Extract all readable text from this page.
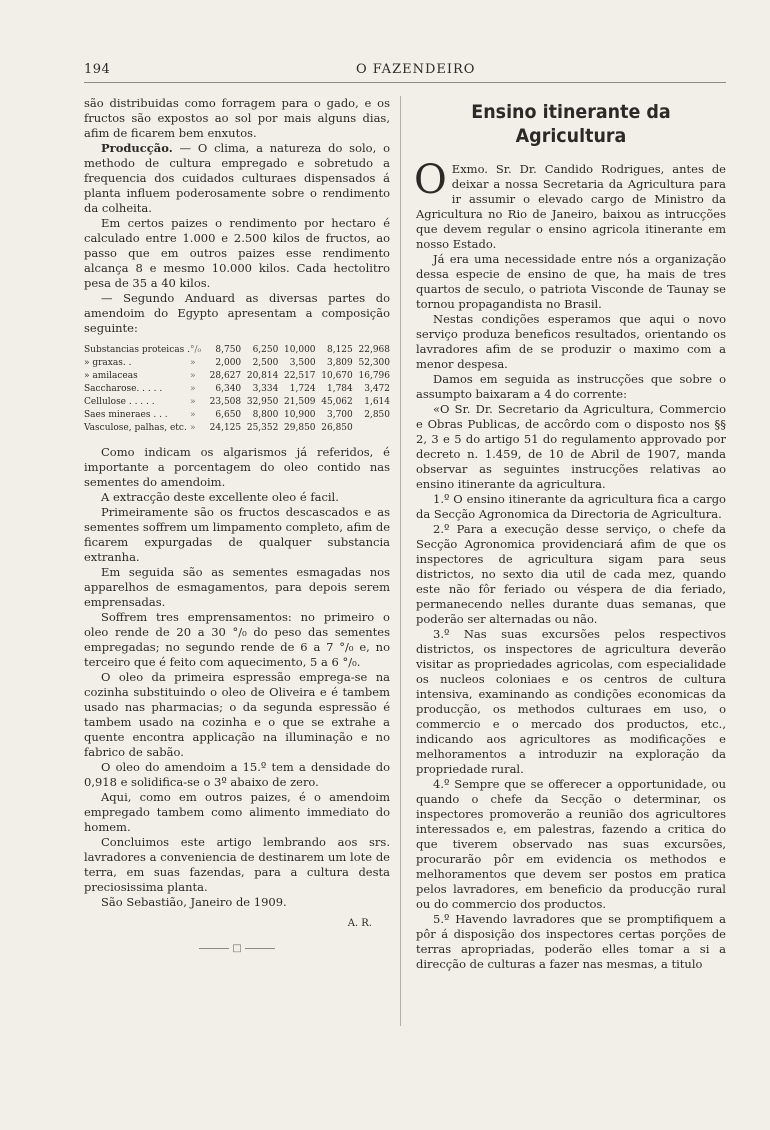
194	O FAZENDEIRO

são distribuidas como forragem para o gado, e os fructos são expostos ao sol por mais alguns dias, afim de ficarem bem enxutos.

Producção. — O clima, a natureza do solo, o methodo de cultura empregado e sobretudo a frequencia dos cuidados culturaes dispensados á planta influem poderosamente sobre o rendimento da colheita.

Em certos paizes o rendimento por hectaro é calculado entre 1.000 e 2.500 kilos de fructos, ao passo que em outros paizes esse rendimento alcança 8 e mesmo 10.000 kilos. Cada hectolitro pesa de 35 a 40 kilos.

— Segundo Anduard as diversas partes do amendoim do Egypto apresentam a composição seguinte:

Substancias proteicas .	°/₀	8,750	6,250	10,000	8,125	22,968
» graxas. .	»	2,000	2,500	3,500	3,809	52,300
» amilaceas	»	28,627	20,814	22,517	10,670	16,796
Saccharose. . . . .	»	6,340	3,334	1,724	1,784	3,472
Cellulose . . . . .	»	23,508	32,950	21,509	45,062	1,614
Saes mineraes . . .	»	6,650	8,800	10,900	3,700	2,850
Vasculose, palhas, etc.	»	24,125	25,352	29,850	26,850	

Como indicam os algarismos já referidos, é importante a porcentagem do oleo contido nas sementes do amendoim.

A extracção deste excellente oleo é facil.

Primeiramente são os fructos descascados e as sementes soffrem um limpamento completo, afim de ficarem expurgadas de qualquer substancia extranha.

Em seguida são as sementes esmagadas nos apparelhos de esmagamentos, para depois serem emprensadas.

Soffrem tres emprensamentos: no primeiro o oleo rende de 20 a 30 °/₀ do peso das sementes empregadas; no segundo rende de 6 a 7 °/₀ e, no terceiro que é feito com aquecimento, 5 a 6 °/₀.

O oleo da primeira espressão emprega-se na cozinha substituindo o oleo de Oliveira e é tambem usado nas pharmacias; o da segunda espressão é tambem usado na cozinha e o que se extrahe a quente encontra applicação na illuminação e no fabrico de sabão.

O oleo do amendoim a 15.º tem a densidade do 0,918 e solidifica-se o 3º abaixo de zero.

Aqui, como em outros paizes, é o amendoim empregado tambem como alimento immediato do homem.

Concluimos este artigo lembrando aos srs. lavradores a conveniencia de destinarem um lote de terra, em suas fazendas, para a cultura desta preciosissima planta.

São Sebastião, Janeiro de 1909.

A. R.
□
Ensino itinerante da Agricultura

O Exmo. Sr. Dr. Candido Rodrigues, antes de deixar a nossa Secretaria da Agricultura para ir assumir o elevado cargo de Ministro da Agricultura no Rio de Janeiro, baixou as intrucções que devem regular o ensino agricola itinerante em nosso Estado.

Já era uma necessidade entre nós a organização dessa especie de ensino de que, ha mais de tres quartos de seculo, o patriota Visconde de Taunay se tornou propagandista no Brasil.

Nestas condições esperamos que aqui o novo serviço produza beneficos resultados, orientando os lavradores afim de se produzir o maximo com a menor despesa.

Damos em seguida as instrucções que sobre o assumpto baixaram a 4 do corrente:

«O Sr. Dr. Secretario da Agricultura, Commercio e Obras Publicas, de accôrdo com o disposto nos §§ 2, 3 e 5 do artigo 51 do regulamento approvado por decreto n. 1.459, de 10 de Abril de 1907, manda observar as seguintes instrucções relativas ao ensino itinerante da agricultura.

1.º O ensino itinerante da agricultura fica a cargo da Secção Agronomica da Directoria de Agricultura.

2.º Para a execução desse serviço, o chefe da Secção Agronomica providenciará afim de que os inspectores de agricultura sigam para seus districtos, no sexto dia util de cada mez, quando este não fôr feriado ou véspera de dia feriado, permanecendo nelles durante duas semanas, que poderão ser alternadas ou não.

3.º Nas suas excursões pelos respectivos districtos, os inspectores de agricultura deverão visitar as propriedades agricolas, com especialidade os nucleos coloniaes e os centros de cultura intensiva, examinando as condições economicas da producção, os methodos culturaes em uso, o commercio e o mercado dos productos, etc., indicando aos agricultores as modificações e melhoramentos a introduzir na exploração da propriedade rural.

4.º Sempre que se offerecer a opportunidade, ou quando o chefe da Secção o determinar, os inspectores promoverão a reunião dos agricultores interessados e, em palestras, fazendo a critica do que tiverem observado nas suas excursões, procurarão pôr em evidencia os methodos e melhoramentos que devem ser postos em pratica pelos lavradores, em beneficio da producção rural ou do commercio dos productos.

5.º Havendo lavradores que se promptifiquem a pôr á disposição dos inspectores certas porções de terras apropriadas, poderão elles tomar a si a direcção de culturas a fazer nas mesmas, a titulo
